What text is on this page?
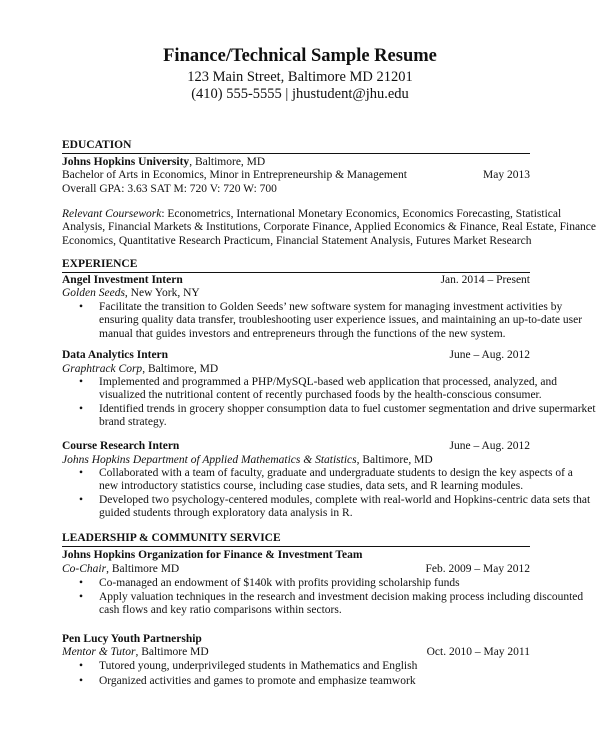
Finance/Technical Sample Resume
123 Main Street, Baltimore MD 21201
(410) 555-5555 | jhustudent@jhu.edu
EDUCATION
Johns Hopkins University, Baltimore, MD
Bachelor of Arts in Economics, Minor in Entrepreneurship & Management	May 2013
Overall GPA: 3.63 SAT M: 720 V: 720 W: 700
Relevant Coursework: Econometrics, International Monetary Economics, Economics Forecasting, Statistical
Analysis, Financial Markets & Institutions, Corporate Finance, Applied Economics & Finance, Real Estate, Finance
Economics, Quantitative Research Practicum, Financial Statement Analysis, Futures Market Research
EXPERIENCE
Angel Investment Intern	Jan. 2014 – Present
Golden Seeds, New York, NY
• Facilitate the transition to Golden Seeds’ new software system for managing investment activities by
ensuring quality data transfer, troubleshooting user experience issues, and maintaining an up-to-date user
manual that guides investors and entrepreneurs through the functions of the new system.
Data Analytics Intern	June – Aug. 2012
Graphtrack Corp, Baltimore, MD
• Implemented and programmed a PHP/MySQL-based web application that processed, analyzed, and
visualized the nutritional content of recently purchased foods by the health-conscious consumer.
• Identified trends in grocery shopper consumption data to fuel customer segmentation and drive supermarket
brand strategy.
Course Research Intern	June – Aug. 2012
Johns Hopkins Department of Applied Mathematics & Statistics, Baltimore, MD
• Collaborated with a team of faculty, graduate and undergraduate students to design the key aspects of a
new introductory statistics course, including case studies, data sets, and R learning modules.
• Developed two psychology-centered modules, complete with real-world and Hopkins-centric data sets that
guided students through exploratory data analysis in R.
LEADERSHIP & COMMUNITY SERVICE
Johns Hopkins Organization for Finance & Investment Team
Co-Chair, Baltimore MD	Feb. 2009 – May 2012
• Co-managed an endowment of $140k with profits providing scholarship funds
• Apply valuation techniques in the research and investment decision making process including discounted
cash flows and key ratio comparisons within sectors.
Pen Lucy Youth Partnership
Mentor & Tutor, Baltimore MD	Oct. 2010 – May 2011
• Tutored young, underprivileged students in Mathematics and English
• Organized activities and games to promote and emphasize teamwork
